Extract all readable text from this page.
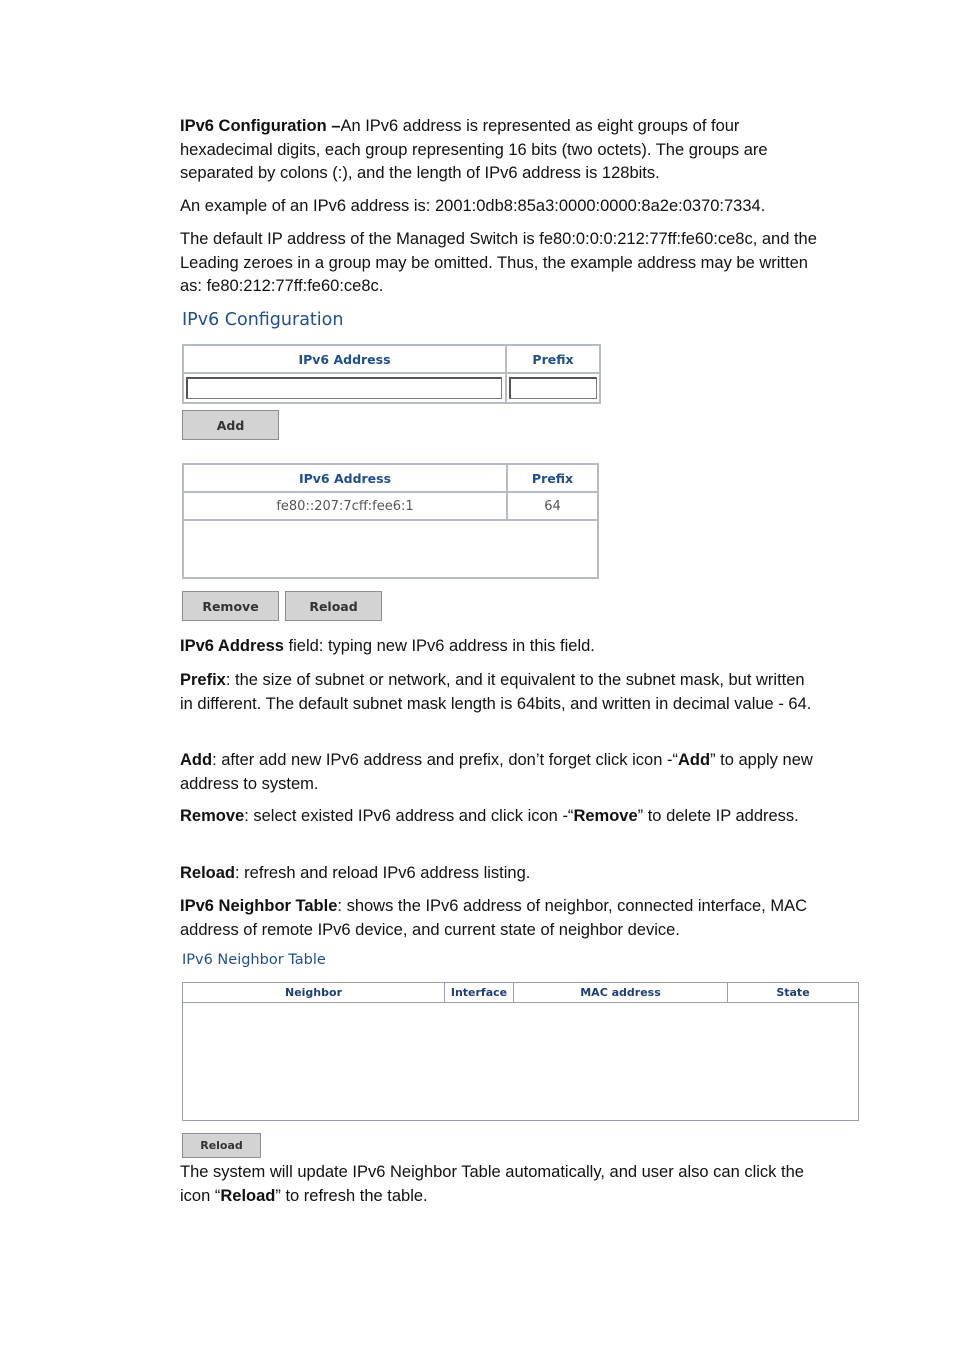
IPv6 Configuration –An IPv6 address is represented as eight groups of four hexadecimal digits, each group representing 16 bits (two octets). The groups are separated by colons (:), and the length of IPv6 address is 128bits.

An example of an IPv6 address is: 2001:0db8:85a3:0000:0000:8a2e:0370:7334.

The default IP address of the Managed Switch is fe80:0:0:0:212:77ff:fe60:ce8c, and the Leading zeroes in a group may be omitted. Thus, the example address may be written as: fe80:212:77ff:fe60:ce8c.

IPv6 Configuration
IPv6 Address	Prefix

Add
IPv6 Address	Prefix
fe80::207:7cff:fee6:1	64

Remove	Reload

IPv6 Address field: typing new IPv6 address in this field.

Prefix: the size of subnet or network, and it equivalent to the subnet mask, but written in different. The default subnet mask length is 64bits, and written in decimal value - 64.

Add: after add new IPv6 address and prefix, don’t forget click icon -“Add” to apply new address to system.

Remove: select existed IPv6 address and click icon -“Remove” to delete IP address.

Reload: refresh and reload IPv6 address listing.

IPv6 Neighbor Table: shows the IPv6 address of neighbor, connected interface, MAC address of remote IPv6 device, and current state of neighbor device.

IPv6 Neighbor Table
Neighbor	Interface	MAC address	State

Reload

The system will update IPv6 Neighbor Table automatically, and user also can click the icon “Reload” to refresh the table.
